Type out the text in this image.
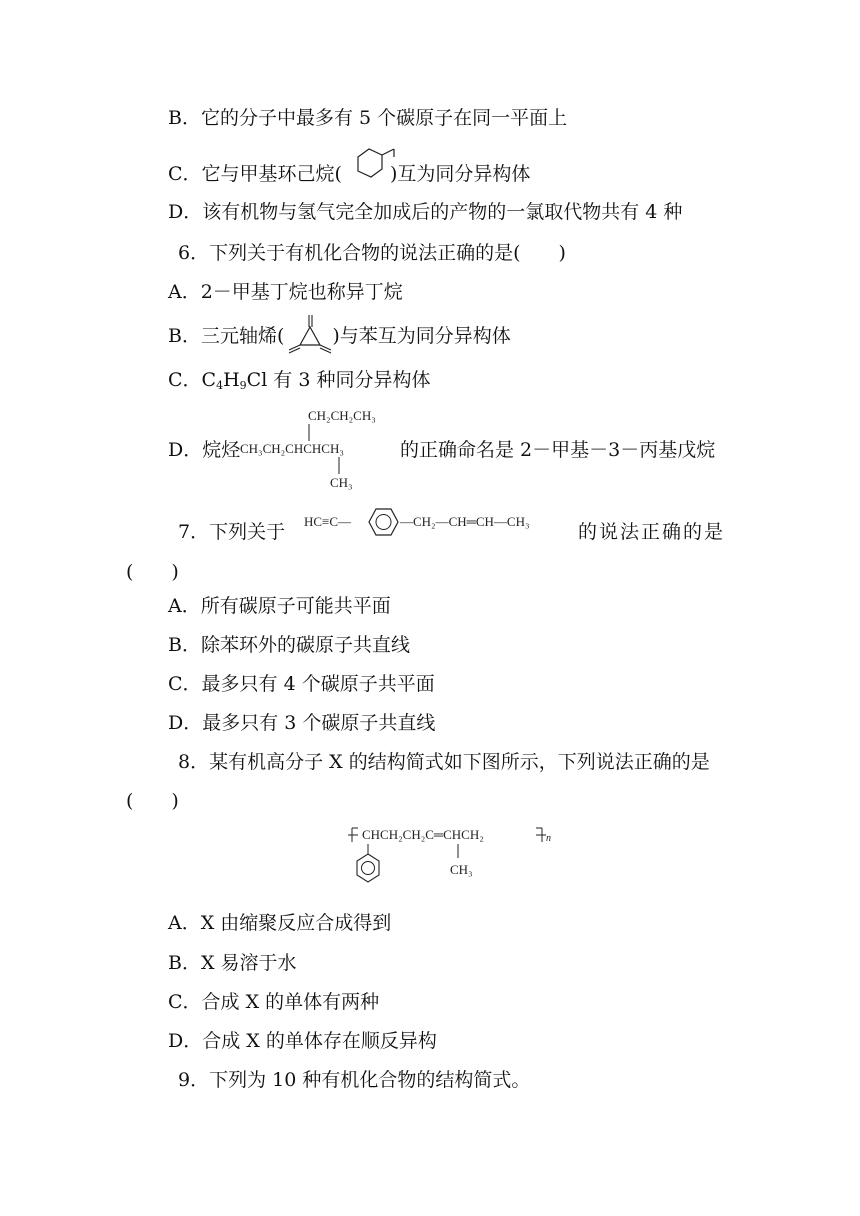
B．它的分子中最多有 5 个碳原子在同一平面上
C．它与甲基环己烷(	)互为同分异构体
D．该有机物与氢气完全加成后的产物的一氯取代物共有 4 种
6．下列关于有机化合物的说法正确的是(　　)
A．2－甲基丁烷也称异丁烷
B．三元轴烯(	)与苯互为同分异构体
C．$C_4H_9Cl$ 有 3 种同分异构体
D．烷烃
CH₂CH₂CH₃
CH₃CH₂CHCHCH₃
CH₃
的正确命名是 2－甲基－3－丙基戊烷
7．下列关于 HC≡C—	—CH₂—CH═CH—CH₃	的说法正确的是
(　　)
A．所有碳原子可能共平面
B．除苯环外的碳原子共直线
C．最多只有 4 个碳原子共平面
D．最多只有 3 个碳原子共直线
8．某有机高分子 X 的结构简式如下图所示，下列说法正确的是
(　　)
CHCH₂CH₂C═CHCH₂	n
CH₃
A．X 由缩聚反应合成得到
B．X 易溶于水
C．合成 X 的单体有两种
D．合成 X 的单体存在顺反异构
9．下列为 10 种有机化合物的结构简式。
